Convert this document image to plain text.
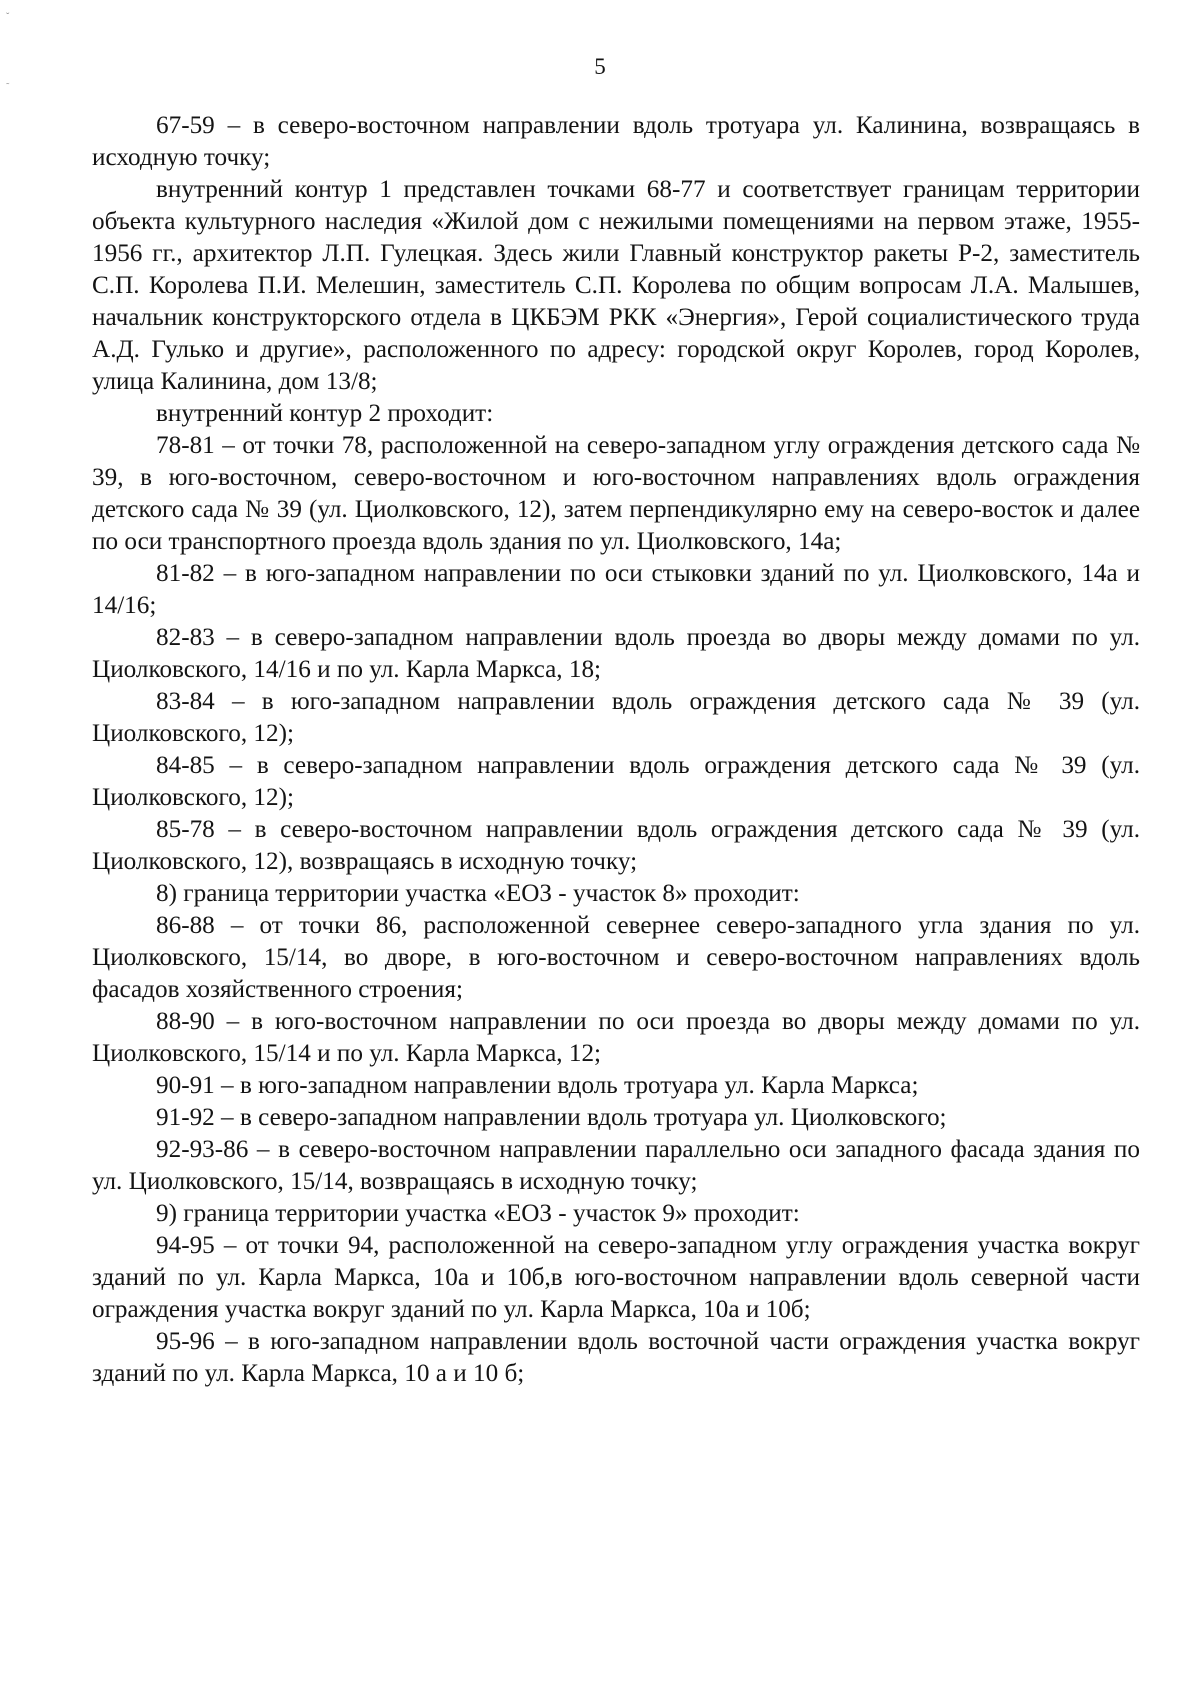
ˇ
˜
5

67-59 – в северо-восточном направлении вдоль тротуара ул. Калинина, возвращаясь в исходную точку;

внутренний контур 1 представлен точками 68-77 и соответствует границам территории объекта культурного наследия «Жилой дом с нежилыми помещениями на первом этаже, 1955-1956 гг., архитектор Л.П. Гулецкая. Здесь жили Главный конструктор ракеты Р-2, заместитель С.П. Королева П.И. Мелешин, заместитель С.П. Королева по общим вопросам Л.А. Малышев, начальник конструкторского отдела в ЦКБЭМ РКК «Энергия», Герой социалистического труда А.Д. Гулько и другие», расположенного по адресу: городской округ Королев, город Королев, улица Калинина, дом 13/8;

внутренний контур 2 проходит:

78-81 – от точки 78, расположенной на северо-западном углу ограждения детского сада № 39, в юго-восточном, северо-восточном и юго-восточном направлениях вдоль ограждения детского сада № 39 (ул. Циолковского, 12), затем перпендикулярно ему на северо-восток и далее по оси транспортного проезда вдоль здания по ул. Циолковского, 14а;

81-82 – в юго-западном направлении по оси стыковки зданий по ул. Циолковского, 14а и 14/16;

82-83 – в северо-западном направлении вдоль проезда во дворы между домами по ул. Циолковского, 14/16 и по ул. Карла Маркса, 18;

83-84 – в юго-западном направлении вдоль ограждения детского сада № 39 (ул. Циолковского, 12);

84-85 – в северо-западном направлении вдоль ограждения детского сада № 39 (ул. Циолковского, 12);

85-78 – в северо-восточном направлении вдоль ограждения детского сада № 39 (ул. Циолковского, 12), возвращаясь в исходную точку;

8) граница территории участка «ЕОЗ - участок 8» проходит:

86-88 – от точки 86, расположенной севернее северо-западного угла здания по ул. Циолковского, 15/14, во дворе, в юго-восточном и северо-восточном направлениях вдоль фасадов хозяйственного строения;

88-90 – в юго-восточном направлении по оси проезда во дворы между домами по ул. Циолковского, 15/14 и по ул. Карла Маркса, 12;

90-91 – в юго-западном направлении вдоль тротуара ул. Карла Маркса;

91-92 – в северо-западном направлении вдоль тротуара ул. Циолковского;

92-93-86 – в северо-восточном направлении параллельно оси западного фасада здания по ул. Циолковского, 15/14, возвращаясь в исходную точку;

9) граница территории участка «ЕОЗ - участок 9» проходит:

94-95 – от точки 94, расположенной на северо-западном углу ограждения участка вокруг зданий по ул. Карла Маркса, 10а и 10б,в юго-восточном направлении вдоль северной части ограждения участка вокруг зданий по ул. Карла Маркса, 10а и 10б;

95-96 – в юго-западном направлении вдоль восточной части ограждения участка вокруг зданий по ул. Карла Маркса, 10 а и 10 б;
